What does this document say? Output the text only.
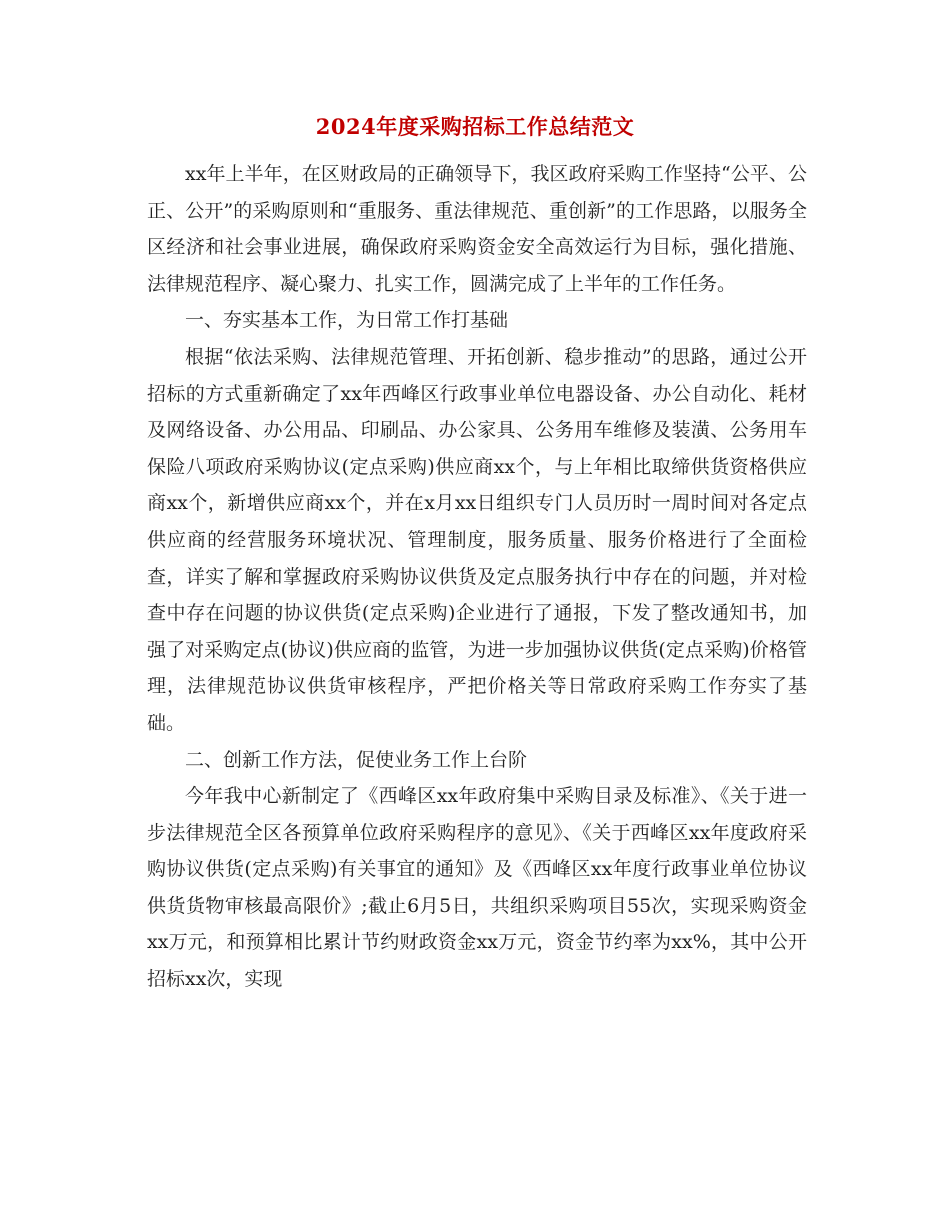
2024年度采购招标工作总结范文

xx年上半年，在区财政局的正确领导下，我区政府采购工作坚持“公平、公正、公开”的采购原则和“重服务、重法律规范、重创新”的工作思路，以服务全区经济和社会事业进展，确保政府采购资金安全高效运行为目标，强化措施、法律规范程序、凝心聚力、扎实工作，圆满完成了上半年的工作任务。

一、夯实基本工作，为日常工作打基础

根据“依法采购、法律规范管理、开拓创新、稳步推动”的思路，通过公开招标的方式重新确定了xx年西峰区行政事业单位电器设备、办公自动化、耗材及网络设备、办公用品、印刷品、办公家具、公务用车维修及装潢、公务用车保险八项政府采购协议(定点采购)供应商xx个，与上年相比取缔供货资格供应商xx个，新增供应商xx个，并在x月xx日组织专门人员历时一周时间对各定点供应商的经营服务环境状况、管理制度，服务质量、服务价格进行了全面检查，详实了解和掌握政府采购协议供货及定点服务执行中存在的问题，并对检查中存在问题的协议供货(定点采购)企业进行了通报，下发了整改通知书，加强了对采购定点(协议)供应商的监管，为进一步加强协议供货(定点采购)价格管理，法律规范协议供货审核程序，严把价格关等日常政府采购工作夯实了基础。

二、创新工作方法，促使业务工作上台阶

今年我中心新制定了《西峰区xx年政府集中采购目录及标准》、《关于进一步法律规范全区各预算单位政府采购程序的意见》、《关于西峰区xx年度政府采购协议供货(定点采购)有关事宜的通知》及《西峰区xx年度行政事业单位协议供货货物审核最高限价》;截止6月5日，共组织采购项目55次，实现采购资金xx万元，和预算相比累计节约财政资金xx万元，资金节约率为xx%，其中公开招标xx次，实现
